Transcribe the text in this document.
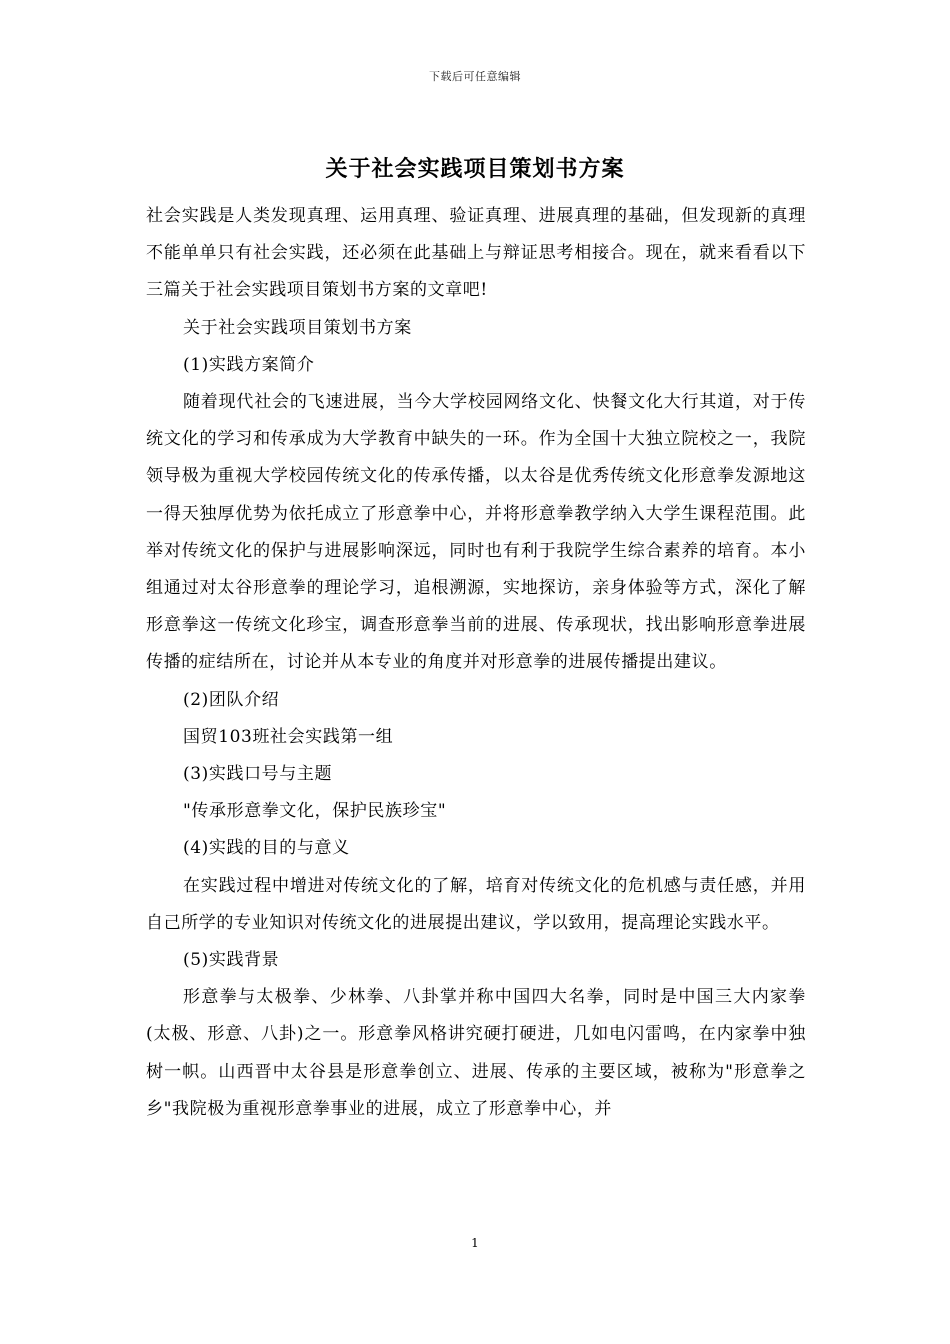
下载后可任意编辑
关于社会实践项目策划书方案

社会实践是人类发现真理、运用真理、验证真理、进展真理的基础，但发现新的真理不能单单只有社会实践，还必须在此基础上与辩证思考相接合。现在，就来看看以下三篇关于社会实践项目策划书方案的文章吧!

关于社会实践项目策划书方案

(1)实践方案简介

随着现代社会的飞速进展，当今大学校园网络文化、快餐文化大行其道，对于传统文化的学习和传承成为大学教育中缺失的一环。作为全国十大独立院校之一，我院领导极为重视大学校园传统文化的传承传播，以太谷是优秀传统文化形意拳发源地这一得天独厚优势为依托成立了形意拳中心，并将形意拳教学纳入大学生课程范围。此举对传统文化的保护与进展影响深远，同时也有利于我院学生综合素养的培育。本小组通过对太谷形意拳的理论学习，追根溯源，实地探访，亲身体验等方式，深化了解形意拳这一传统文化珍宝，调查形意拳当前的进展、传承现状，找出影响形意拳进展传播的症结所在，讨论并从本专业的角度并对形意拳的进展传播提出建议。

(2)团队介绍

国贸103班社会实践第一组

(3)实践口号与主题

"传承形意拳文化，保护民族珍宝"

(4)实践的目的与意义

在实践过程中增进对传统文化的了解，培育对传统文化的危机感与责任感，并用自己所学的专业知识对传统文化的进展提出建议，学以致用，提高理论实践水平。

(5)实践背景

形意拳与太极拳、少林拳、八卦掌并称中国四大名拳，同时是中国三大内家拳(太极、形意、八卦)之一。形意拳风格讲究硬打硬进，几如电闪雷鸣，在内家拳中独树一帜。山西晋中太谷县是形意拳创立、进展、传承的主要区域，被称为"形意拳之乡"我院极为重视形意拳事业的进展，成立了形意拳中心，并

1
